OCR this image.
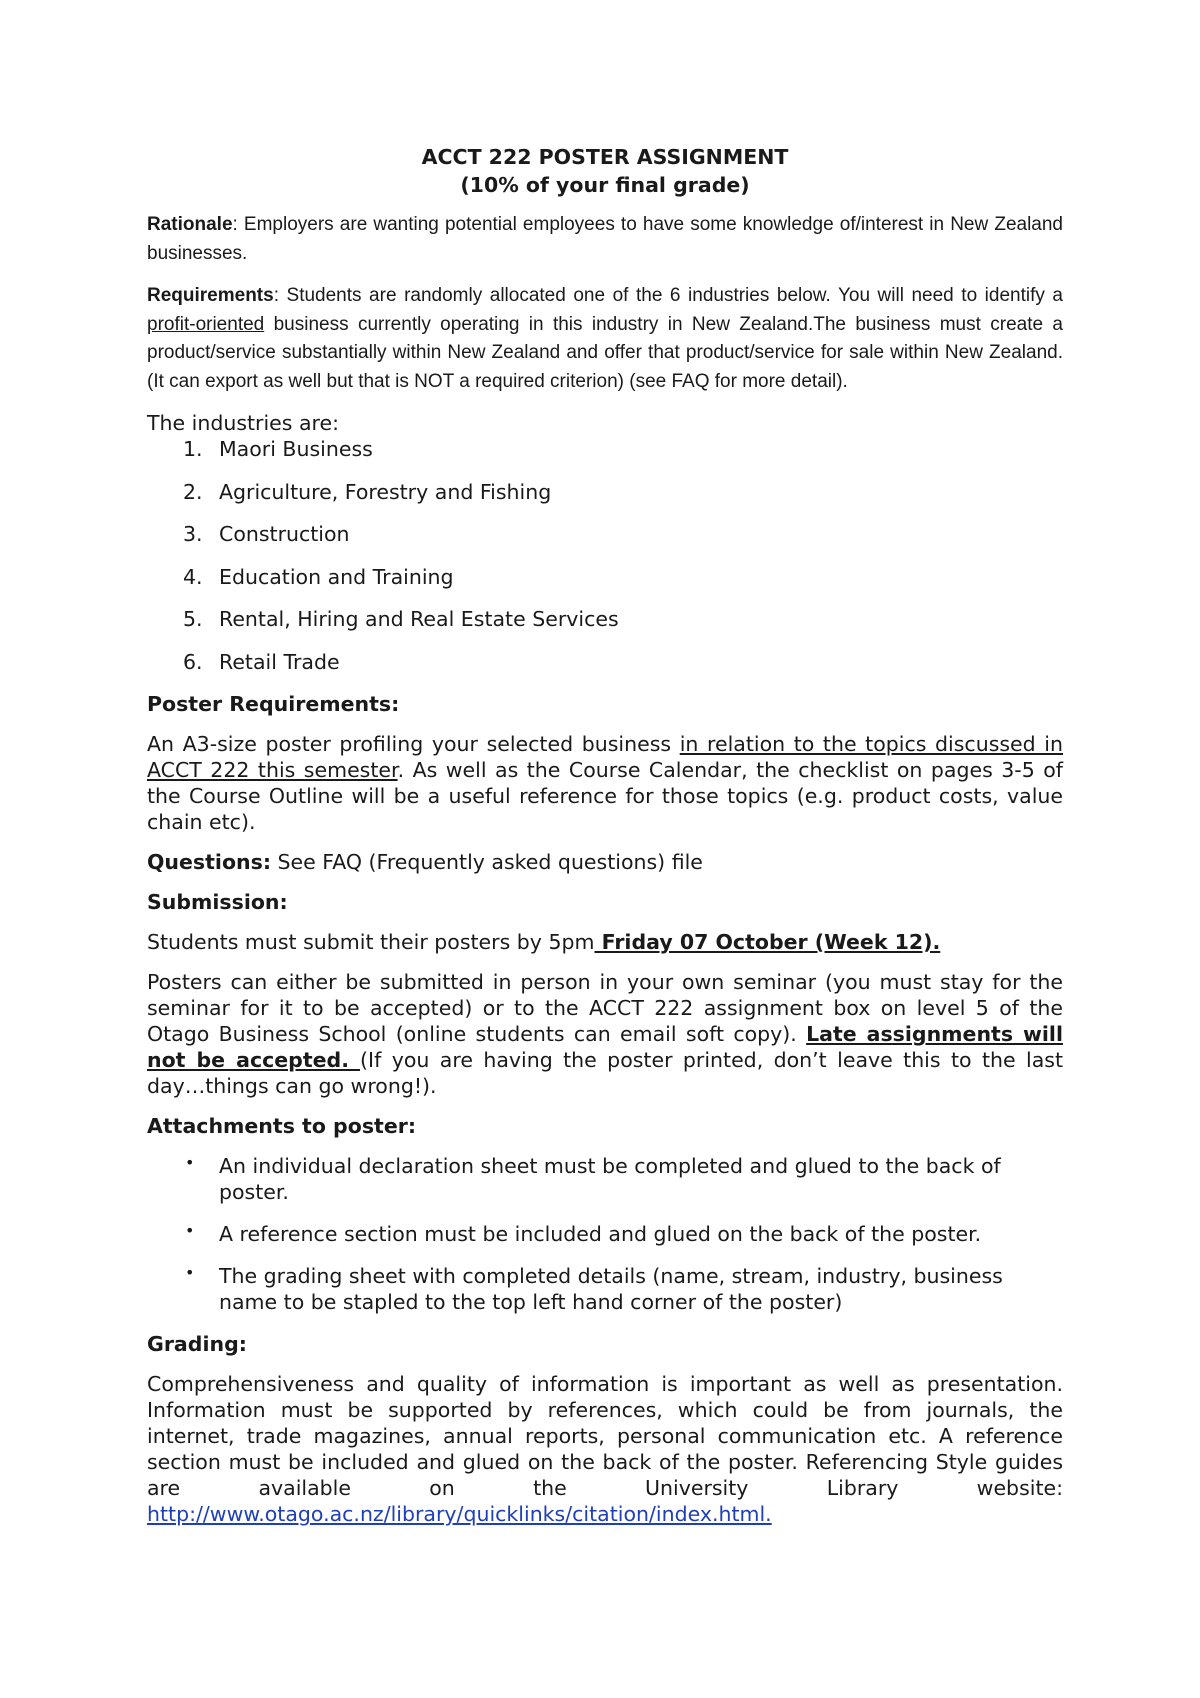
ACCT 222 POSTER ASSIGNMENT
(10% of your final grade)

Rationale: Employers are wanting potential employees to have some knowledge of/interest in New Zealand businesses.

Requirements: Students are randomly allocated one of the 6 industries below. You will need to identify a profit-oriented business currently operating in this industry in New Zealand.The business must create a product/service substantially within New Zealand and offer that product/service for sale within New Zealand. (It can export as well but that is NOT a required criterion) (see FAQ for more detail).

The industries are:
1. Maori Business
2. Agriculture, Forestry and Fishing
3. Construction
4. Education and Training
5. Rental, Hiring and Real Estate Services
6. Retail Trade
Poster Requirements:

An A3-size poster profiling your selected business in relation to the topics discussed in ACCT 222 this semester. As well as the Course Calendar, the checklist on pages 3-5 of the Course Outline will be a useful reference for those topics (e.g. product costs, value chain etc).

Questions: See FAQ (Frequently asked questions) file

Submission:

Students must submit their posters by 5pm Friday 07 October (Week 12).

Posters can either be submitted in person in your own seminar (you must stay for the seminar for it to be accepted) or to the ACCT 222 assignment box on level 5 of the Otago Business School (online students can email soft copy). Late assignments will not be accepted. (If you are having the poster printed, don’t leave this to the last day…things can go wrong!).

Attachments to poster:
• An individual declaration sheet must be completed and glued to the back of poster.
• A reference section must be included and glued on the back of the poster.
• The grading sheet with completed details (name, stream, industry, business name to be stapled to the top left hand corner of the poster)
Grading:

Comprehensiveness and quality of information is important as well as presentation. Information must be supported by references, which could be from journals, the internet, trade magazines, annual reports, personal communication etc. A reference section must be included and glued on the back of the poster. Referencing Style guides are available on the University Library website: http://www.otago.ac.nz/library/quicklinks/citation/index.html.
